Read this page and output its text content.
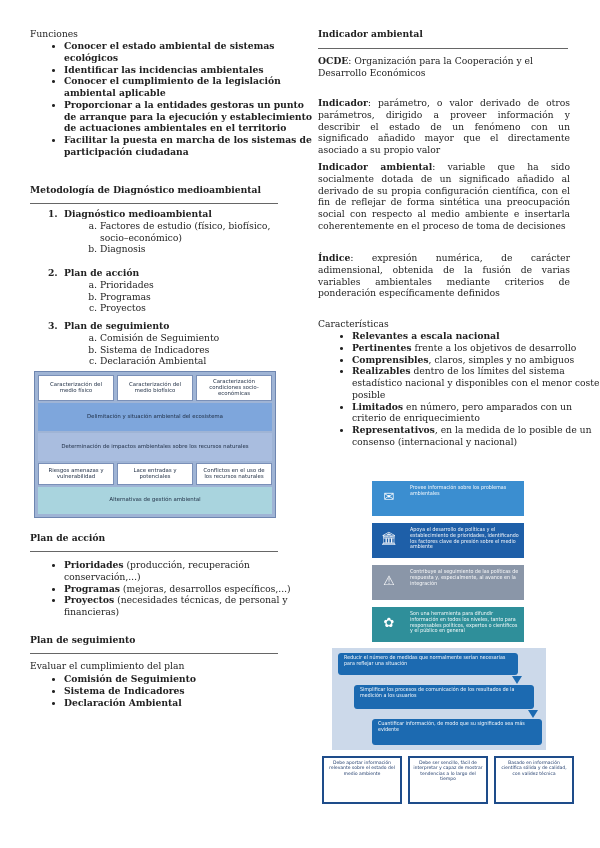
Funciones

• Conocer el estado ambiental de sistemas ecológicos
• Identificar las incidencias ambientales
• Conocer el cumplimiento de la legislación ambiental aplicable
• Proporcionar a la entidades gestoras un punto de arranque para la ejecución y establecimiento de actuaciones ambientales en el territorio
• Facilitar la puesta en marcha de los sistemas de participación ciudadana

Metodología de Diagnóstico medioambiental

1. Diagnóstico medioambiental
a. Factores de estudio (físico, biofísico, socio–económico)
b. Diagnosis
2. Plan de acción
a. Prioridades
b. Programas
c. Proyectos
3. Plan de seguimiento
a. Comisión de Seguimiento
b. Sistema de Indicadores
c. Declaración Ambiental

Plan de acción

• Prioridades (producción, recuperación conservación,...)
• Programas (mejoras, desarrollos específicos,...)
• Proyectos (necesidades técnicas, de personal y financieras)

Plan de seguimiento

Evaluar el cumplimiento del plan

• Comisión de Seguimiento
• Sistema de Indicadores
• Declaración Ambiental
Caracterización del medio físico
Caracterización del medio biofísico
Caracterización condiciones socio-económicas
Delimitación y situación ambiental del ecosistema
Determinación de impactos ambientales sobre los recursos naturales
Riesgos amenazas y vulnerabilidad
Lace entradas y potenciales
Conflictos en el uso de los recursos naturales
Alternativas de gestión ambiental

Indicador ambiental

OCDE: Organización para la Cooperación y el Desarrollo Económicos

Indicador: parámetro, o valor derivado de otros parámetros, dirigido a proveer información y describir el estado de un fenómeno con un significado añadido mayor que el directamente asociado a su propio valor

Indicador ambiental: variable que ha sido socialmente dotada de un significado añadido al derivado de su propia configuración científica, con el fin de reflejar de forma sintética una preocupación social con respecto al medio ambiente e insertarla coherentemente en el proceso de toma de decisiones

Índice: expresión numérica, de carácter adimensional, obtenida de la fusión de varias variables ambientales mediante criterios de ponderación específicamente definidos

Características

• Relevantes a escala nacional
• Pertinentes frente a los objetivos de desarrollo
• Comprensibles, claros, simples y no ambiguos
• Realizables dentro de los límites del sistema estadístico nacional y disponibles con el menor coste posible
• Limitados en número, pero amparados con un criterio de enriquecimiento
• Representativos, en la medida de lo posible de un consenso (internacional y nacional)
✉
Provee información sobre los problemas ambientales
🏛
Apoya el desarrollo de políticas y el establecimiento de prioridades, identificando los factores clave de presión sobre el medio ambiente
⚠
Contribuye al seguimiento de las políticas de respuesta y, especialmente, al avance en la integración
✿
Son una herramienta para difundir información en todos los niveles, tanto para responsables políticos, expertos o científicos y el público en general
Reducir el número de medidas que normalmente serían necesarias para reflejar una situación
Simplificar los procesos de comunicación de los resultados de la medición a los usuarios
Cuantificar información, de modo que su significado sea más evidente
Debe aportar información relevante sobre el estado del medio ambiente
Debe ser sencillo, fácil de interpretar y capaz de mostrar tendencias a lo largo del tiempo
Basado en información científica sólida y de calidad, con validez técnica
